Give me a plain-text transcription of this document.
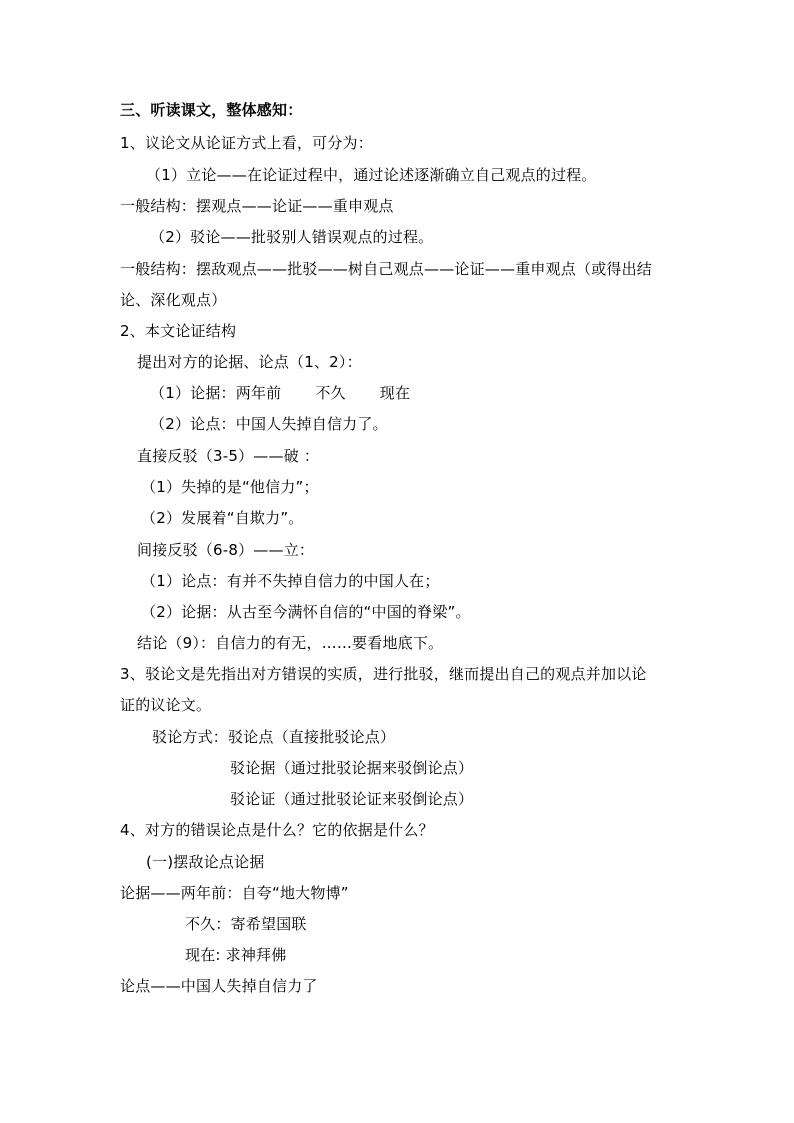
三、听读课文，整体感知：
1、议论文从论证方式上看，可分为：
（1）立论——在论证过程中，通过论述逐渐确立自己观点的过程。
一般结构：摆观点——论证——重申观点
（2）驳论——批驳别人错误观点的过程。
一般结构：摆敌观点——批驳——树自己观点——论证——重申观点（或得出结
论、深化观点）
2、本文论证结构
提出对方的论据、论点（1、2）：
（1）论据：两年前 不久 现在
（2）论点：中国人失掉自信力了。
直接反驳（3-5）——破 ：
（1）失掉的是“他信力”；
（2）发展着“自欺力”。
间接反驳（6-8）——立：
（1）论点：有并不失掉自信力的中国人在；
（2）论据：从古至今满怀自信的“中国的脊梁”。
结论（9）：自信力的有无，……要看地底下。
3、驳论文是先指出对方错误的实质，进行批驳，继而提出自己的观点并加以论
证的议论文。
驳论方式：驳论点（直接批驳论点）
驳论据（通过批驳论据来驳倒论点）
驳论证（通过批驳论证来驳倒论点）
4、对方的错误论点是什么？它的依据是什么？
(一)摆敌论点论据
论据——两年前：自夸“地大物博”
不久：寄希望国联
现在: 求神拜佛
论点——中国人失掉自信力了
